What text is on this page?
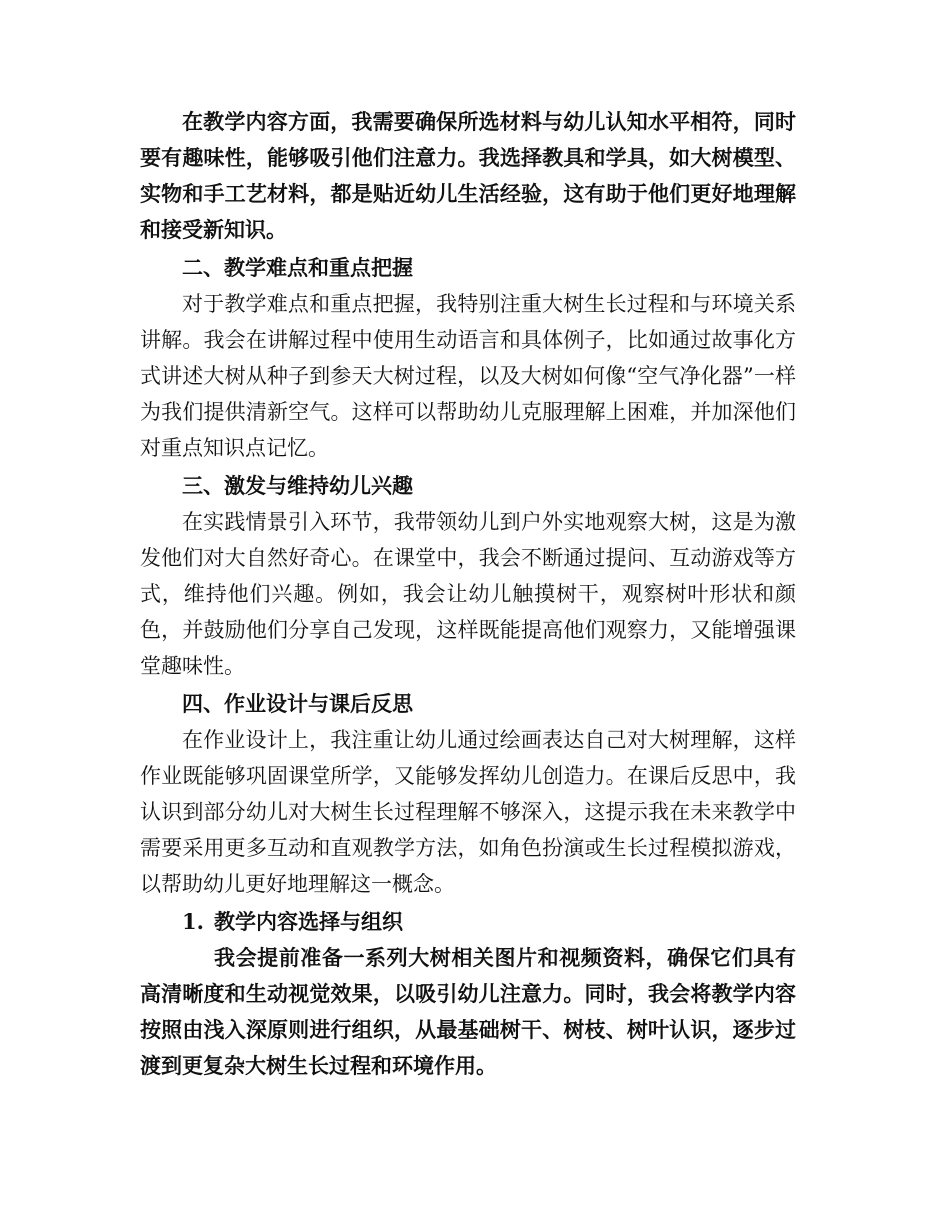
在教学内容方面，我需要确保所选材料与幼儿认知水平相符，同时要有趣味性，能够吸引他们注意力。我选择教具和学具，如大树模型、实物和手工艺材料，都是贴近幼儿生活经验，这有助于他们更好地理解和接受新知识。

二、教学难点和重点把握

对于教学难点和重点把握，我特别注重大树生长过程和与环境关系讲解。我会在讲解过程中使用生动语言和具体例子，比如通过故事化方式讲述大树从种子到参天大树过程，以及大树如何像“空气净化器”一样为我们提供清新空气。这样可以帮助幼儿克服理解上困难，并加深他们对重点知识点记忆。

三、激发与维持幼儿兴趣

在实践情景引入环节，我带领幼儿到户外实地观察大树，这是为激发他们对大自然好奇心。在课堂中，我会不断通过提问、互动游戏等方式，维持他们兴趣。例如，我会让幼儿触摸树干，观察树叶形状和颜色，并鼓励他们分享自己发现，这样既能提高他们观察力，又能增强课堂趣味性。

四、作业设计与课后反思

在作业设计上，我注重让幼儿通过绘画表达自己对大树理解，这样作业既能够巩固课堂所学，又能够发挥幼儿创造力。在课后反思中，我认识到部分幼儿对大树生长过程理解不够深入，这提示我在未来教学中需要采用更多互动和直观教学方法，如角色扮演或生长过程模拟游戏，以帮助幼儿更好地理解这一概念。

1. 教学内容选择与组织

我会提前准备一系列大树相关图片和视频资料，确保它们具有高清晰度和生动视觉效果，以吸引幼儿注意力。同时，我会将教学内容按照由浅入深原则进行组织，从最基础树干、树枝、树叶认识，逐步过渡到更复杂大树生长过程和环境作用。
